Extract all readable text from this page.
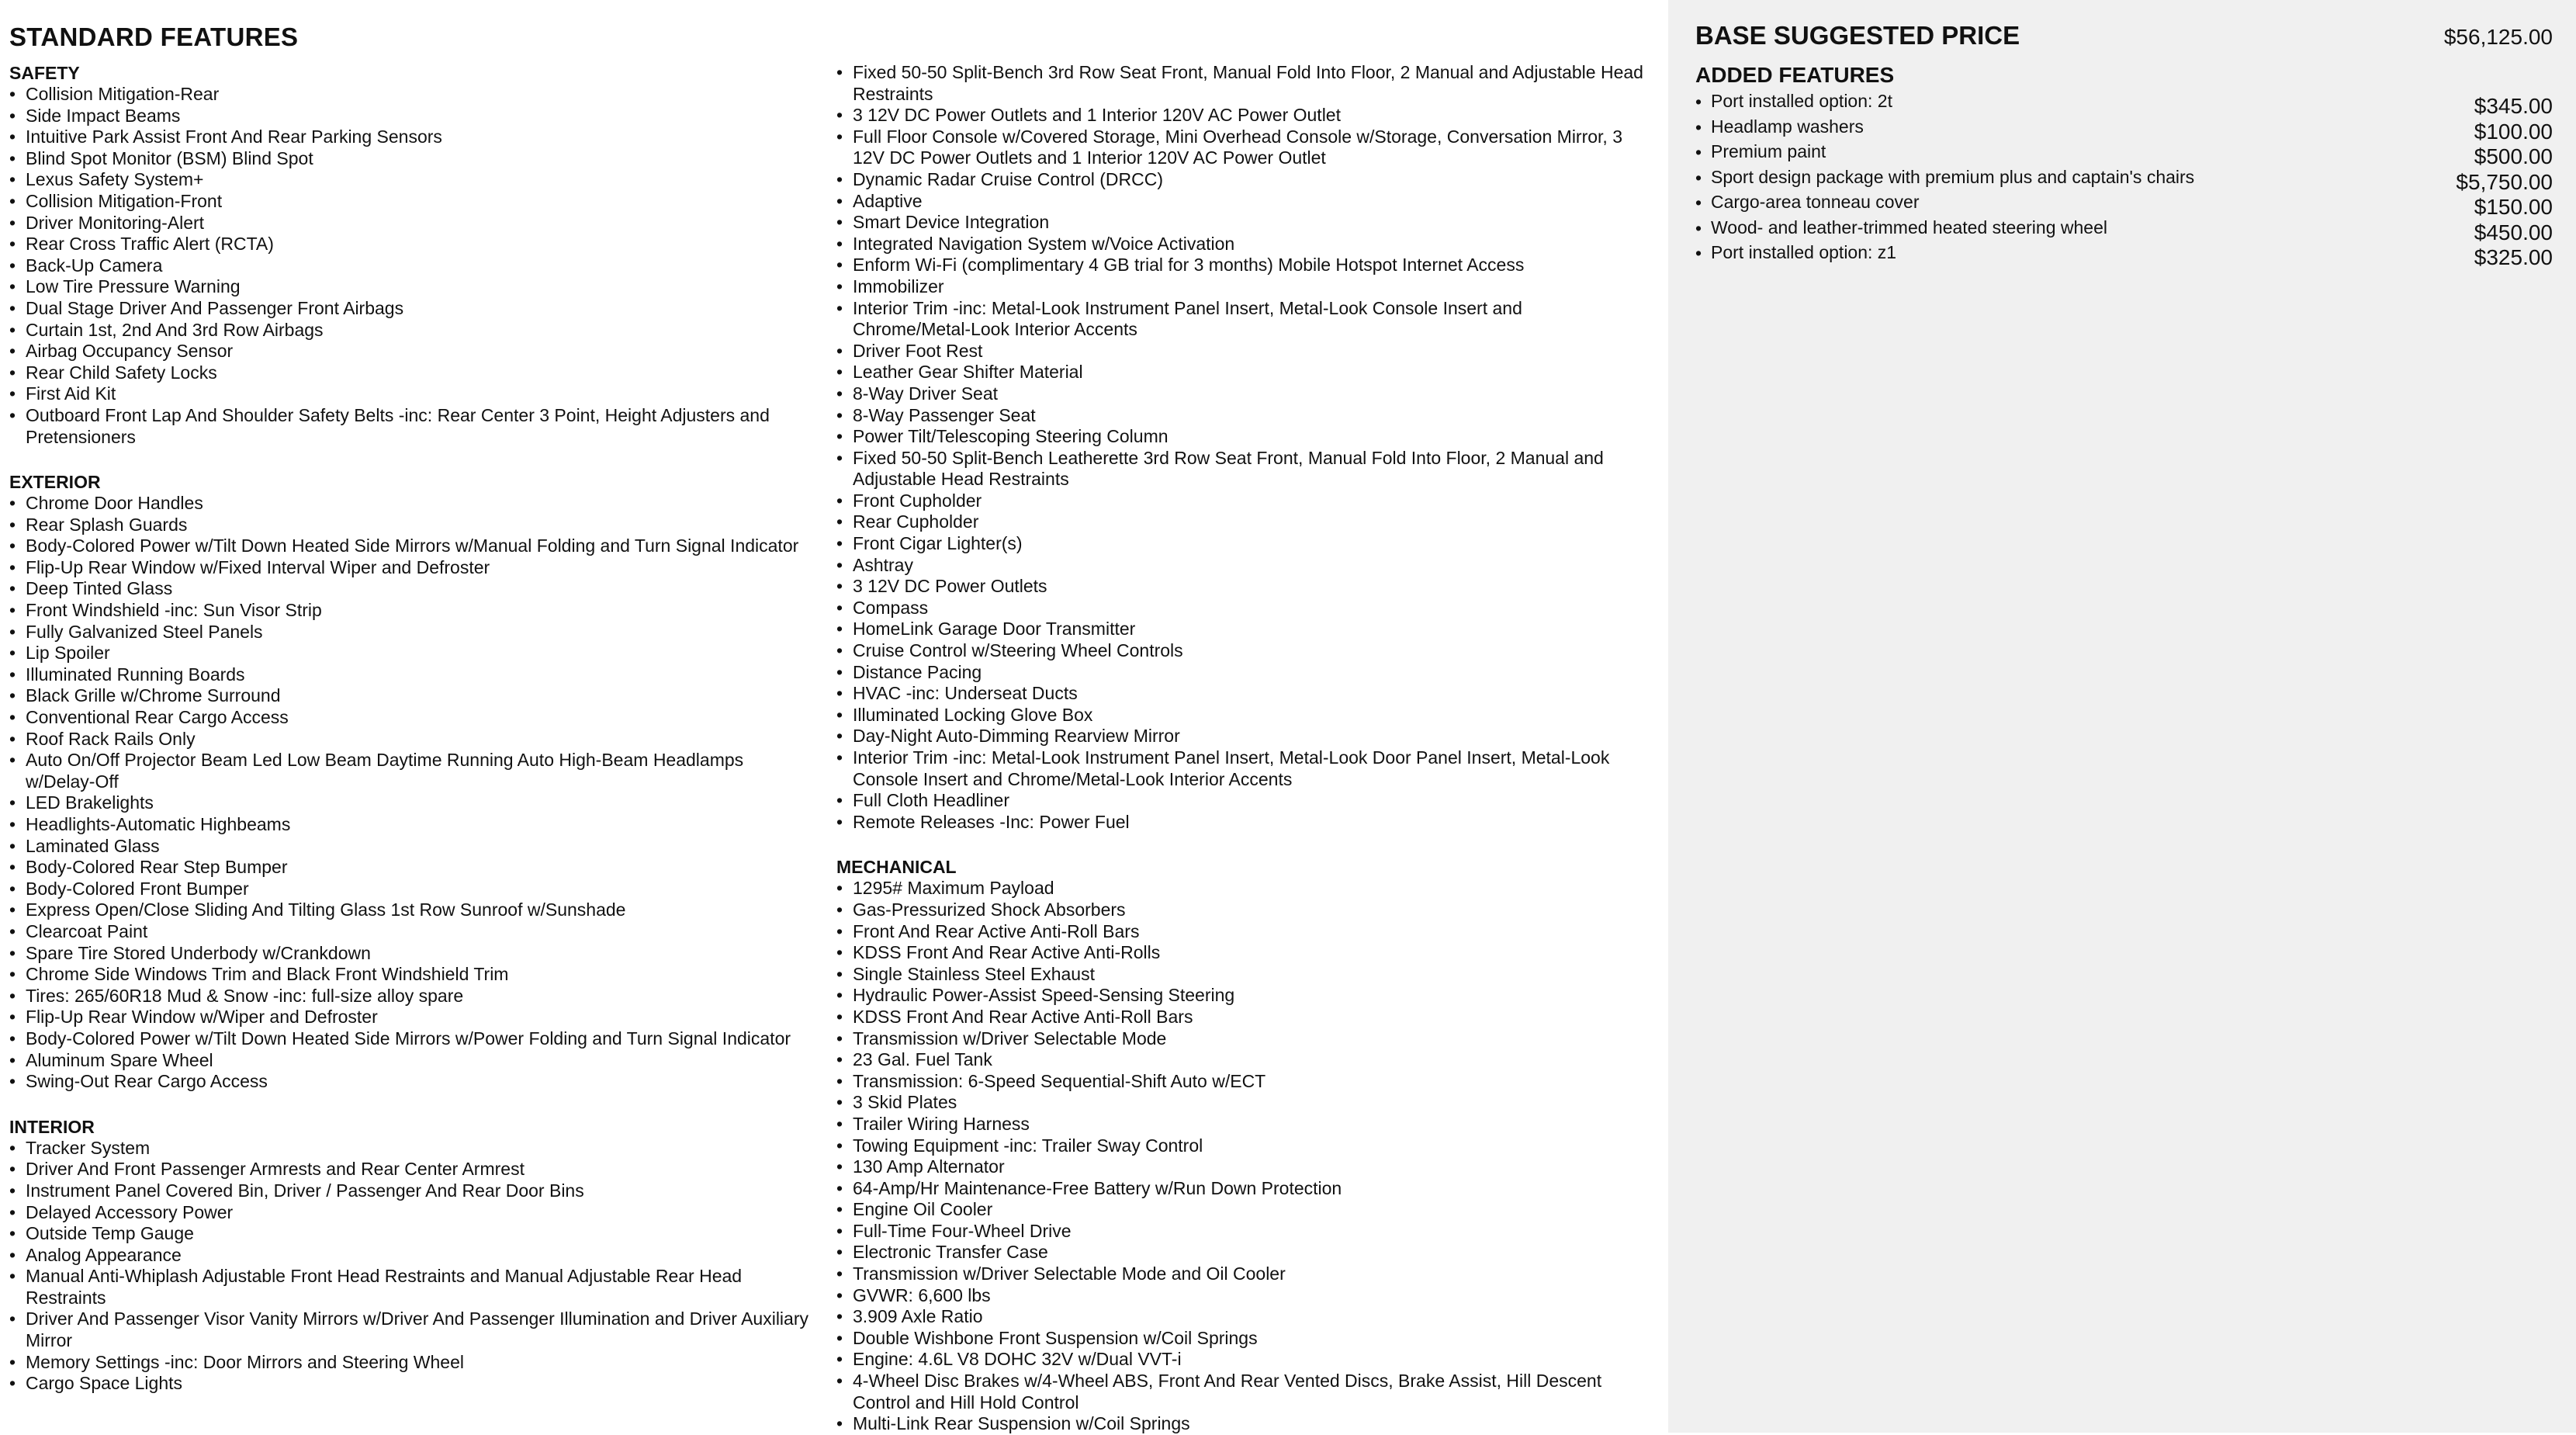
STANDARD FEATURES
SAFETY
• Collision Mitigation-Rear
• Side Impact Beams
• Intuitive Park Assist Front And Rear Parking Sensors
• Blind Spot Monitor (BSM) Blind Spot
• Lexus Safety System+
• Collision Mitigation-Front
• Driver Monitoring-Alert
• Rear Cross Traffic Alert (RCTA)
• Back-Up Camera
• Low Tire Pressure Warning
• Dual Stage Driver And Passenger Front Airbags
• Curtain 1st, 2nd And 3rd Row Airbags
• Airbag Occupancy Sensor
• Rear Child Safety Locks
• First Aid Kit
• Outboard Front Lap And Shoulder Safety Belts -inc: Rear Center 3 Point, Height Adjusters and Pretensioners
EXTERIOR
• Chrome Door Handles
• Rear Splash Guards
• Body-Colored Power w/Tilt Down Heated Side Mirrors w/Manual Folding and Turn Signal Indicator
• Flip-Up Rear Window w/Fixed Interval Wiper and Defroster
• Deep Tinted Glass
• Front Windshield -inc: Sun Visor Strip
• Fully Galvanized Steel Panels
• Lip Spoiler
• Illuminated Running Boards
• Black Grille w/Chrome Surround
• Conventional Rear Cargo Access
• Roof Rack Rails Only
• Auto On/Off Projector Beam Led Low Beam Daytime Running Auto High-Beam Headlamps w/Delay-Off
• LED Brakelights
• Headlights-Automatic Highbeams
• Laminated Glass
• Body-Colored Rear Step Bumper
• Body-Colored Front Bumper
• Express Open/Close Sliding And Tilting Glass 1st Row Sunroof w/Sunshade
• Clearcoat Paint
• Spare Tire Stored Underbody w/Crankdown
• Chrome Side Windows Trim and Black Front Windshield Trim
• Tires: 265/60R18 Mud & Snow -inc: full-size alloy spare
• Flip-Up Rear Window w/Wiper and Defroster
• Body-Colored Power w/Tilt Down Heated Side Mirrors w/Power Folding and Turn Signal Indicator
• Aluminum Spare Wheel
• Swing-Out Rear Cargo Access
INTERIOR
• Tracker System
• Driver And Front Passenger Armrests and Rear Center Armrest
• Instrument Panel Covered Bin, Driver / Passenger And Rear Door Bins
• Delayed Accessory Power
• Outside Temp Gauge
• Analog Appearance
• Manual Anti-Whiplash Adjustable Front Head Restraints and Manual Adjustable Rear Head Restraints
• Driver And Passenger Visor Vanity Mirrors w/Driver And Passenger Illumination and Driver Auxiliary Mirror
• Memory Settings -inc: Door Mirrors and Steering Wheel
• Cargo Space Lights
• Fixed 50-50 Split-Bench 3rd Row Seat Front, Manual Fold Into Floor, 2 Manual and Adjustable Head Restraints
• 3 12V DC Power Outlets and 1 Interior 120V AC Power Outlet
• Full Floor Console w/Covered Storage, Mini Overhead Console w/Storage, Conversation Mirror, 3 12V DC Power Outlets and 1 Interior 120V AC Power Outlet
• Dynamic Radar Cruise Control (DRCC)
• Adaptive
• Smart Device Integration
• Integrated Navigation System w/Voice Activation
• Enform Wi-Fi (complimentary 4 GB trial for 3 months) Mobile Hotspot Internet Access
• Immobilizer
• Interior Trim -inc: Metal-Look Instrument Panel Insert, Metal-Look Console Insert and Chrome/Metal-Look Interior Accents
• Driver Foot Rest
• Leather Gear Shifter Material
• 8-Way Driver Seat
• 8-Way Passenger Seat
• Power Tilt/Telescoping Steering Column
• Fixed 50-50 Split-Bench Leatherette 3rd Row Seat Front, Manual Fold Into Floor, 2 Manual and Adjustable Head Restraints
• Front Cupholder
• Rear Cupholder
• Front Cigar Lighter(s)
• Ashtray
• 3 12V DC Power Outlets
• Compass
• HomeLink Garage Door Transmitter
• Cruise Control w/Steering Wheel Controls
• Distance Pacing
• HVAC -inc: Underseat Ducts
• Illuminated Locking Glove Box
• Day-Night Auto-Dimming Rearview Mirror
• Interior Trim -inc: Metal-Look Instrument Panel Insert, Metal-Look Door Panel Insert, Metal-Look Console Insert and Chrome/Metal-Look Interior Accents
• Full Cloth Headliner
• Remote Releases -Inc: Power Fuel
MECHANICAL
• 1295# Maximum Payload
• Gas-Pressurized Shock Absorbers
• Front And Rear Active Anti-Roll Bars
• KDSS Front And Rear Active Anti-Rolls
• Single Stainless Steel Exhaust
• Hydraulic Power-Assist Speed-Sensing Steering
• KDSS Front And Rear Active Anti-Roll Bars
• Transmission w/Driver Selectable Mode
• 23 Gal. Fuel Tank
• Transmission: 6-Speed Sequential-Shift Auto w/ECT
• 3 Skid Plates
• Trailer Wiring Harness
• Towing Equipment -inc: Trailer Sway Control
• 130 Amp Alternator
• 64-Amp/Hr Maintenance-Free Battery w/Run Down Protection
• Engine Oil Cooler
• Full-Time Four-Wheel Drive
• Electronic Transfer Case
• Transmission w/Driver Selectable Mode and Oil Cooler
• GVWR: 6,600 lbs
• 3.909 Axle Ratio
• Double Wishbone Front Suspension w/Coil Springs
• Engine: 4.6L V8 DOHC 32V w/Dual VVT-i
• 4-Wheel Disc Brakes w/4-Wheel ABS, Front And Rear Vented Discs, Brake Assist, Hill Descent Control and Hill Hold Control
• Multi-Link Rear Suspension w/Coil Springs
BASE SUGGESTED PRICE	$56,125.00
ADDED FEATURES
• Port installed option: 2t	$345.00
• Headlamp washers	$100.00
• Premium paint	$500.00
• Sport design package with premium plus and captain's chairs	$5,750.00
• Cargo-area tonneau cover	$150.00
• Wood- and leather-trimmed heated steering wheel	$450.00
• Port installed option: z1	$325.00
